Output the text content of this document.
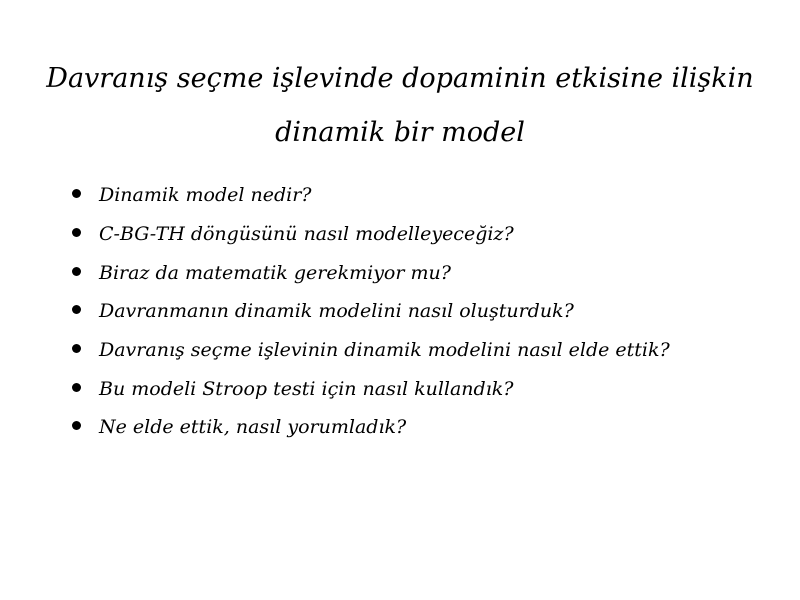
Davranış seçme işlevinde dopaminin etkisine ilişkin
dinamik bir model
Dinamik model nedir?
C-BG-TH döngüsünü nasıl modelleyeceğiz?
Biraz da matematik gerekmiyor mu?
Davranmanın dinamik modelini nasıl oluşturduk?
Davranış seçme işlevinin dinamik modelini nasıl elde ettik?
Bu modeli Stroop testi için nasıl kullandık?
Ne elde ettik, nasıl yorumladık?
